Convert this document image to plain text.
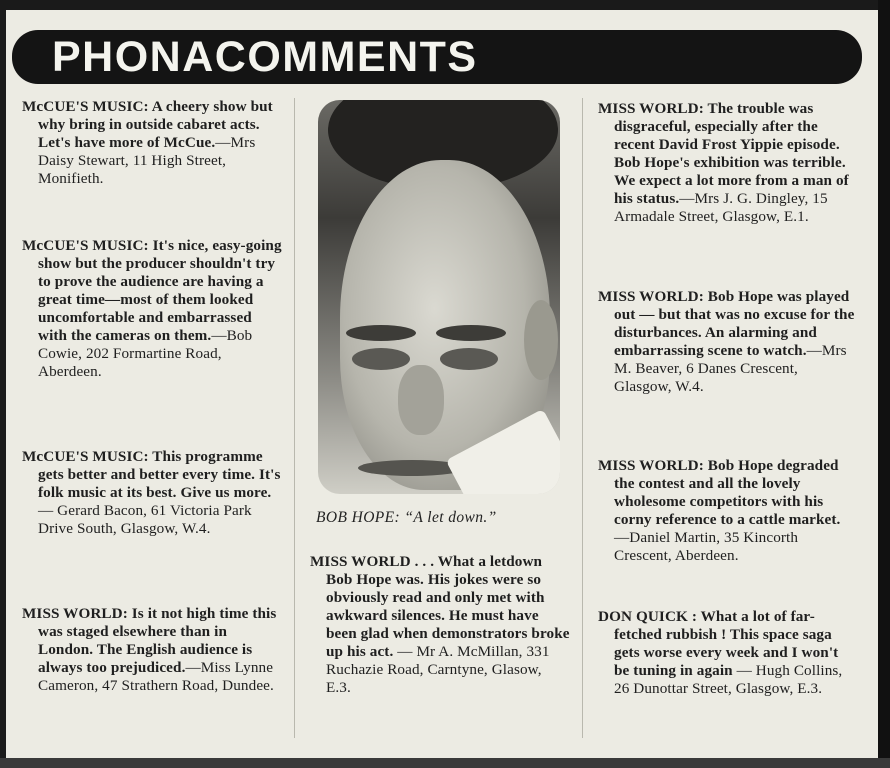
PHONACOMMENTS
McCUE'S MUSIC: A cheery show but why bring in outside cabaret acts. Let's have more of McCue.—Mrs Daisy Stewart, 11 High Street, Monifieth.
McCUE'S MUSIC: It's nice, easy-going show but the producer shouldn't try to prove the audience are having a great time—most of them looked uncomfortable and embarrassed with the cameras on them.—Bob Cowie, 202 Formartine Road, Aberdeen.
McCUE'S MUSIC: This programme gets better and better every time. It's folk music at its best. Give us more. — Gerard Bacon, 61 Victoria Park Drive South, Glasgow, W.4.
MISS WORLD: Is it not high time this was staged elsewhere than in London. The English audience is always too prejudiced.—Miss Lynne Cameron, 47 Strathern Road, Dundee.
BOB HOPE: “A let down.”
MISS WORLD . . . What a letdown Bob Hope was. His jokes were so obviously read and only met with awkward silences. He must have been glad when demonstrators broke up his act. — Mr A. McMillan, 331 Ruchazie Road, Carntyne, Glasow, E.3.
MISS WORLD: The trouble was disgraceful, especially after the recent David Frost Yippie episode. Bob Hope's exhibition was terrible. We expect a lot more from a man of his status.—Mrs J. G. Dingley, 15 Armadale Street, Glasgow, E.1.
MISS WORLD: Bob Hope was played out — but that was no excuse for the disturbances. An alarming and embarrassing scene to watch.—Mrs M. Beaver, 6 Danes Crescent, Glasgow, W.4.
MISS WORLD: Bob Hope degraded the contest and all the lovely wholesome competitors with his corny reference to a cattle market. —Daniel Martin, 35 Kincorth Crescent, Aberdeen.
DON QUICK : What a lot of far-fetched rubbish ! This space saga gets worse every week and I won't be tuning in again — Hugh Collins, 26 Dunottar Street, Glasgow, E.3.
